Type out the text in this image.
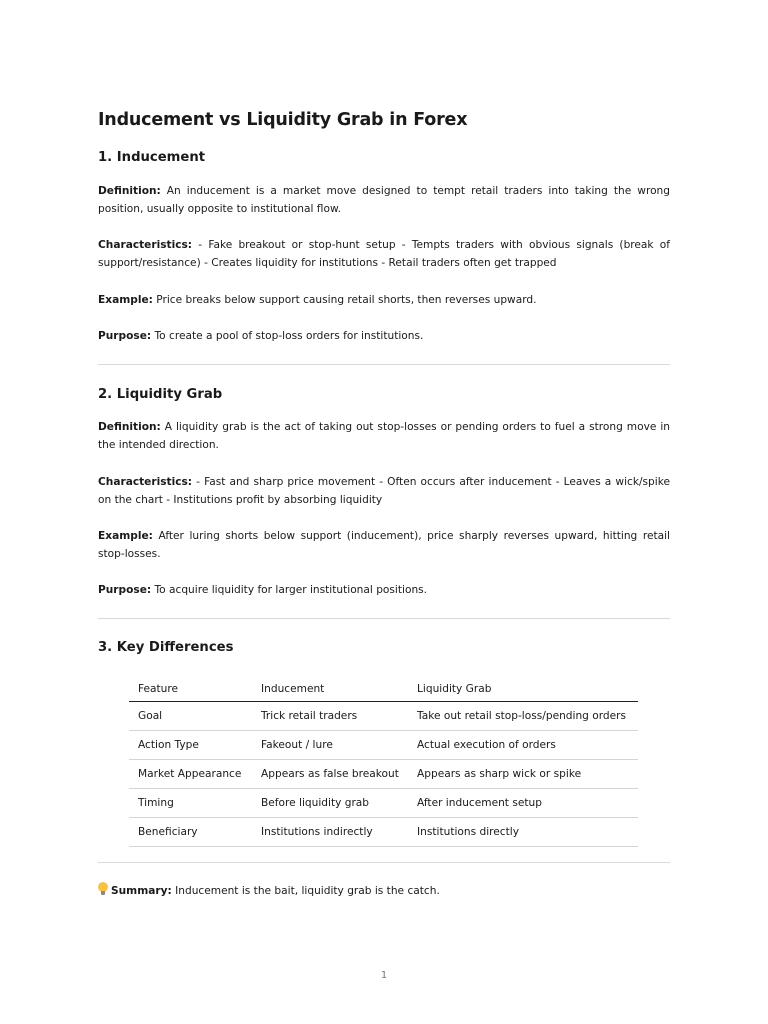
Inducement vs Liquidity Grab in Forex
1. Inducement

Definition: An inducement is a market move designed to tempt retail traders into taking the wrong position, usually opposite to institutional flow.

Characteristics: - Fake breakout or stop-hunt setup - Tempts traders with obvious signals (break of support/resistance) - Creates liquidity for institutions - Retail traders often get trapped

Example: Price breaks below support causing retail shorts, then reverses upward.

Purpose: To create a pool of stop-loss orders for institutions.

2. Liquidity Grab

Definition: A liquidity grab is the act of taking out stop-losses or pending orders to fuel a strong move in the intended direction.

Characteristics: - Fast and sharp price movement - Often occurs after inducement - Leaves a wick/spike on the chart - Institutions profit by absorbing liquidity

Example: After luring shorts below support (inducement), price sharply reverses upward, hitting retail stop-losses.

Purpose: To acquire liquidity for larger institutional positions.

3. Key Differences
Feature	Inducement	Liquidity Grab
Goal	Trick retail traders	Take out retail stop-loss/pending orders
Action Type	Fakeout / lure	Actual execution of orders
Market Appearance	Appears as false breakout	Appears as sharp wick or spike
Timing	Before liquidity grab	After inducement setup
Beneficiary	Institutions indirectly	Institutions directly
Summary: Inducement is the bait, liquidity grab is the catch.
1
